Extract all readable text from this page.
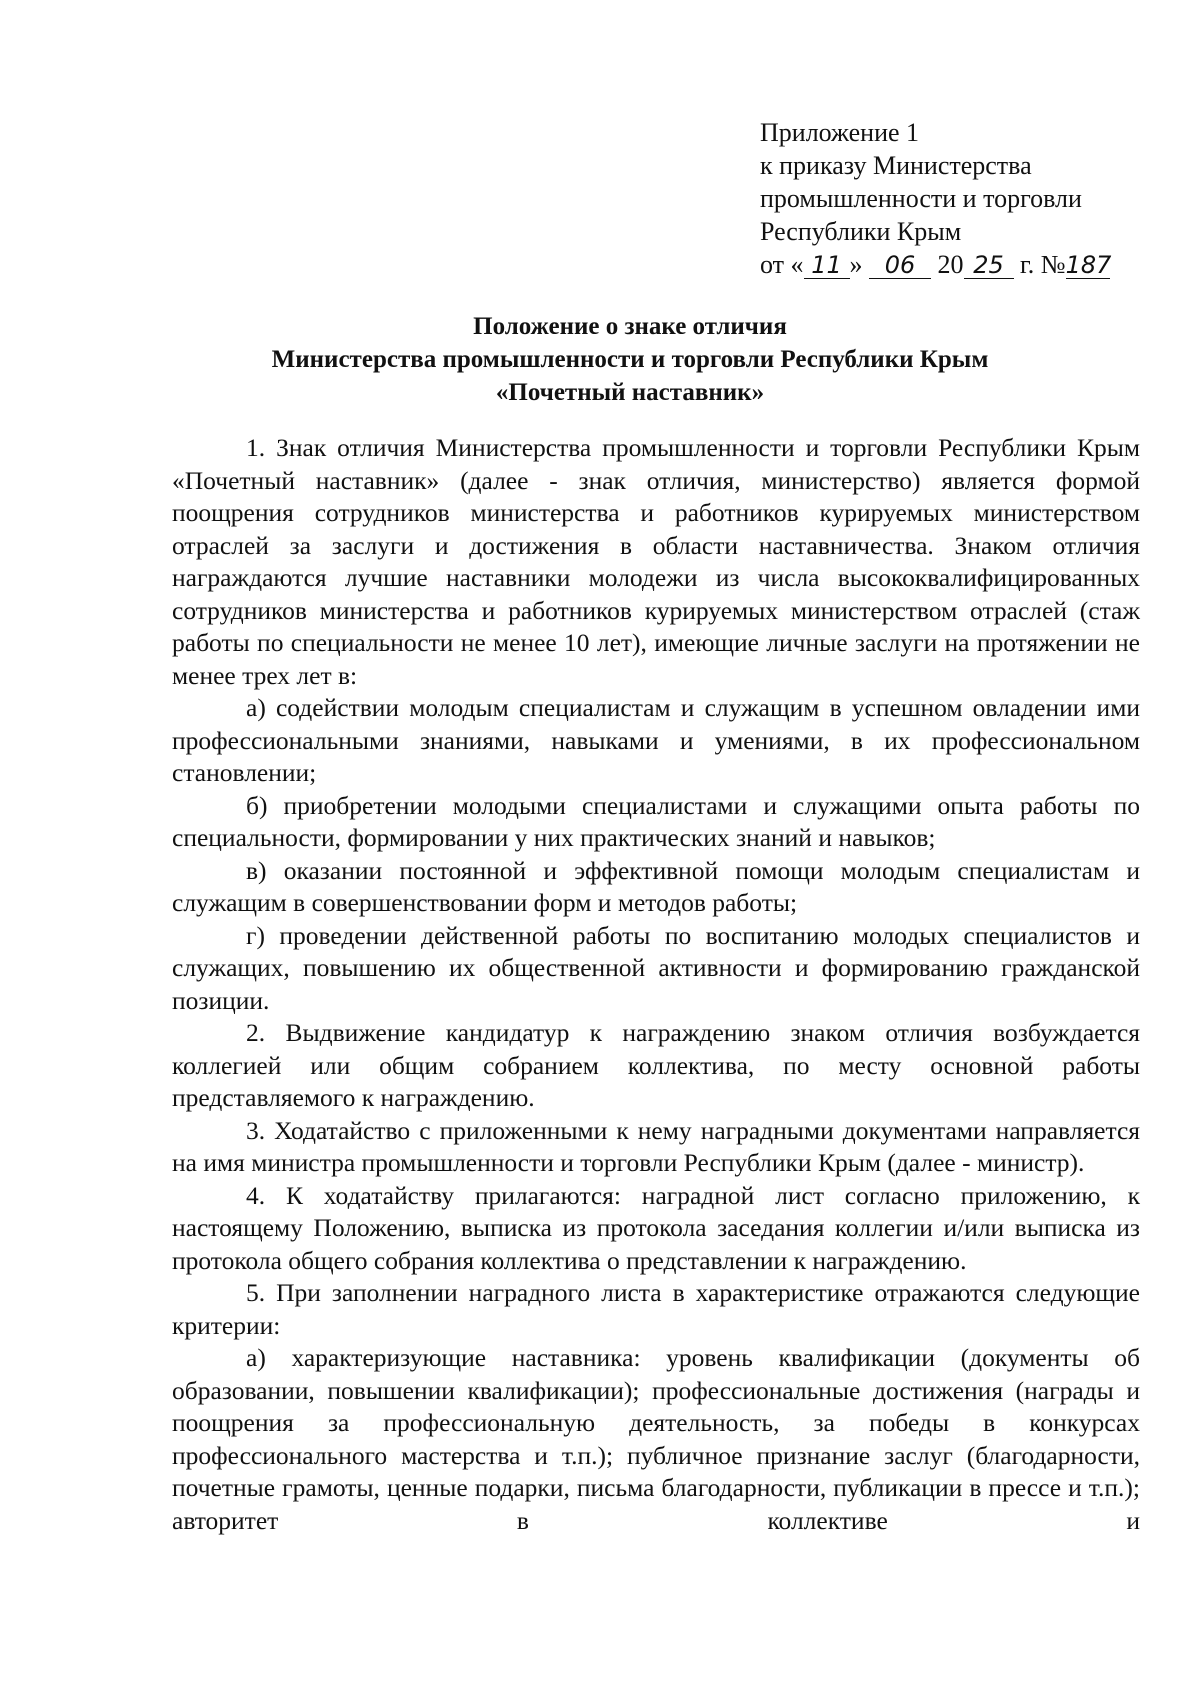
Приложение 1
к приказу Министерства
промышленности и торговли
Республики Крым
от « 11 » 06 20 25 г. №187
Положение о знаке отличия
Министерства промышленности и торговли Республики Крым
«Почетный наставник»

1. Знак отличия Министерства промышленности и торговли Республики Крым «Почетный наставник» (далее - знак отличия, министерство) является формой поощрения сотрудников министерства и работников курируемых министерством отраслей за заслуги и достижения в области наставничества. Знаком отличия награждаются лучшие наставники молодежи из числа высококвалифицированных сотрудников министерства и работников курируемых министерством отраслей (стаж работы по специальности не менее 10 лет), имеющие личные заслуги на протяжении не менее трех лет в:

а) содействии молодым специалистам и служащим в успешном овладении ими профессиональными знаниями, навыками и умениями, в их профессиональном становлении;

б) приобретении молодыми специалистами и служащими опыта работы по специальности, формировании у них практических знаний и навыков;

в) оказании постоянной и эффективной помощи молодым специалистам и служащим в совершенствовании форм и методов работы;

г) проведении действенной работы по воспитанию молодых специалистов и служащих, повышению их общественной активности и формированию гражданской позиции.

2. Выдвижение кандидатур к награждению знаком отличия возбуждается коллегией или общим собранием коллектива, по месту основной работы представляемого к награждению.

3. Ходатайство с приложенными к нему наградными документами направляется на имя министра промышленности и торговли Республики Крым (далее - министр).

4. К ходатайству прилагаются: наградной лист согласно приложению, к настоящему Положению, выписка из протокола заседания коллегии и/или выписка из протокола общего собрания коллектива о представлении к награждению.

5. При заполнении наградного листа в характеристике отражаются следующие критерии:

а) характеризующие наставника: уровень квалификации (документы об образовании, повышении квалификации); профессиональные достижения (награды и поощрения за профессиональную деятельность, за победы в конкурсах профессионального мастерства и т.п.); публичное признание заслуг (благодарности, почетные грамоты, ценные подарки, письма благодарности, публикации в прессе и т.п.); авторитет в коллективе и
